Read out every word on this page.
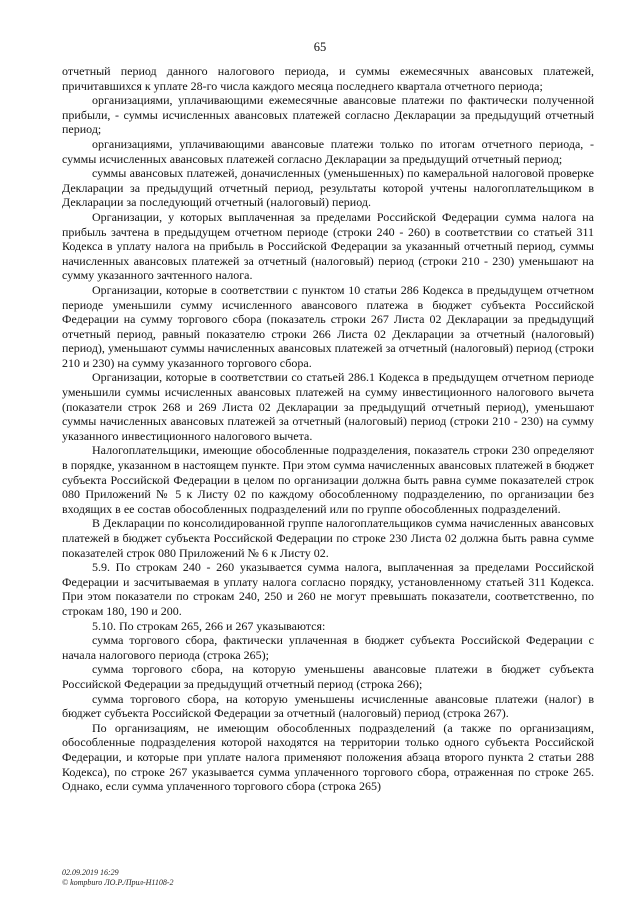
65

отчетный период данного налогового периода, и суммы ежемесячных авансовых платежей, причитавшихся к уплате 28-го числа каждого месяца последнего квартала отчетного периода;

организациями, уплачивающими ежемесячные авансовые платежи по фактически полученной прибыли, - суммы исчисленных авансовых платежей согласно Декларации за предыдущий отчетный период;

организациями, уплачивающими авансовые платежи только по итогам отчетного периода, - суммы исчисленных авансовых платежей согласно Декларации за предыдущий отчетный период;

суммы авансовых платежей, доначисленных (уменьшенных) по камеральной налоговой проверке Декларации за предыдущий отчетный период, результаты которой учтены налогоплательщиком в Декларации за последующий отчетный (налоговый) период.

Организации, у которых выплаченная за пределами Российской Федерации сумма налога на прибыль зачтена в предыдущем отчетном периоде (строки 240 - 260) в соответствии со статьей 311 Кодекса в уплату налога на прибыль в Российской Федерации за указанный отчетный период, суммы начисленных авансовых платежей за отчетный (налоговый) период (строки 210 - 230) уменьшают на сумму указанного зачтенного налога.

Организации, которые в соответствии с пунктом 10 статьи 286 Кодекса в предыдущем отчетном периоде уменьшили сумму исчисленного авансового платежа в бюджет субъекта Российской Федерации на сумму торгового сбора (показатель строки 267 Листа 02 Декларации за предыдущий отчетный период, равный показателю строки 266 Листа 02 Декларации за отчетный (налоговый) период), уменьшают суммы начисленных авансовых платежей за отчетный (налоговый) период (строки 210 и 230) на сумму указанного торгового сбора.

Организации, которые в соответствии со статьей 286.1 Кодекса в предыдущем отчетном периоде уменьшили суммы исчисленных авансовых платежей на сумму инвестиционного налогового вычета (показатели строк 268 и 269 Листа 02 Декларации за предыдущий отчетный период), уменьшают суммы начисленных авансовых платежей за отчетный (налоговый) период (строки 210 - 230) на сумму указанного инвестиционного налогового вычета.

Налогоплательщики, имеющие обособленные подразделения, показатель строки 230 определяют в порядке, указанном в настоящем пункте. При этом сумма начисленных авансовых платежей в бюджет субъекта Российской Федерации в целом по организации должна быть равна сумме показателей строк 080 Приложений № 5 к Листу 02 по каждому обособленному подразделению, по организации без входящих в ее состав обособленных подразделений или по группе обособленных подразделений.

В Декларации по консолидированной группе налогоплательщиков сумма начисленных авансовых платежей в бюджет субъекта Российской Федерации по строке 230 Листа 02 должна быть равна сумме показателей строк 080 Приложений № 6 к Листу 02.

5.9. По строкам 240 - 260 указывается сумма налога, выплаченная за пределами Российской Федерации и засчитываемая в уплату налога согласно порядку, установленному статьей 311 Кодекса. При этом показатели по строкам 240, 250 и 260 не могут превышать показатели, соответственно, по строкам 180, 190 и 200.

5.10. По строкам 265, 266 и 267 указываются:

сумма торгового сбора, фактически уплаченная в бюджет субъекта Российской Федерации с начала налогового периода (строка 265);

сумма торгового сбора, на которую уменьшены авансовые платежи в бюджет субъекта Российской Федерации за предыдущий отчетный период (строка 266);

сумма торгового сбора, на которую уменьшены исчисленные авансовые платежи (налог) в бюджет субъекта Российской Федерации за отчетный (налоговый) период (строка 267).

По организациям, не имеющим обособленных подразделений (а также по организациям, обособленные подразделения которой находятся на территории только одного субъекта Российской Федерации, и которые при уплате налога применяют положения абзаца второго пункта 2 статьи 288 Кодекса), по строке 267 указывается сумма уплаченного торгового сбора, отраженная по строке 265. Однако, если сумма уплаченного торгового сбора (строка 265)

02.09.2019 16:29
© kompburo ЛО.Р./Прил-Н1108-2
